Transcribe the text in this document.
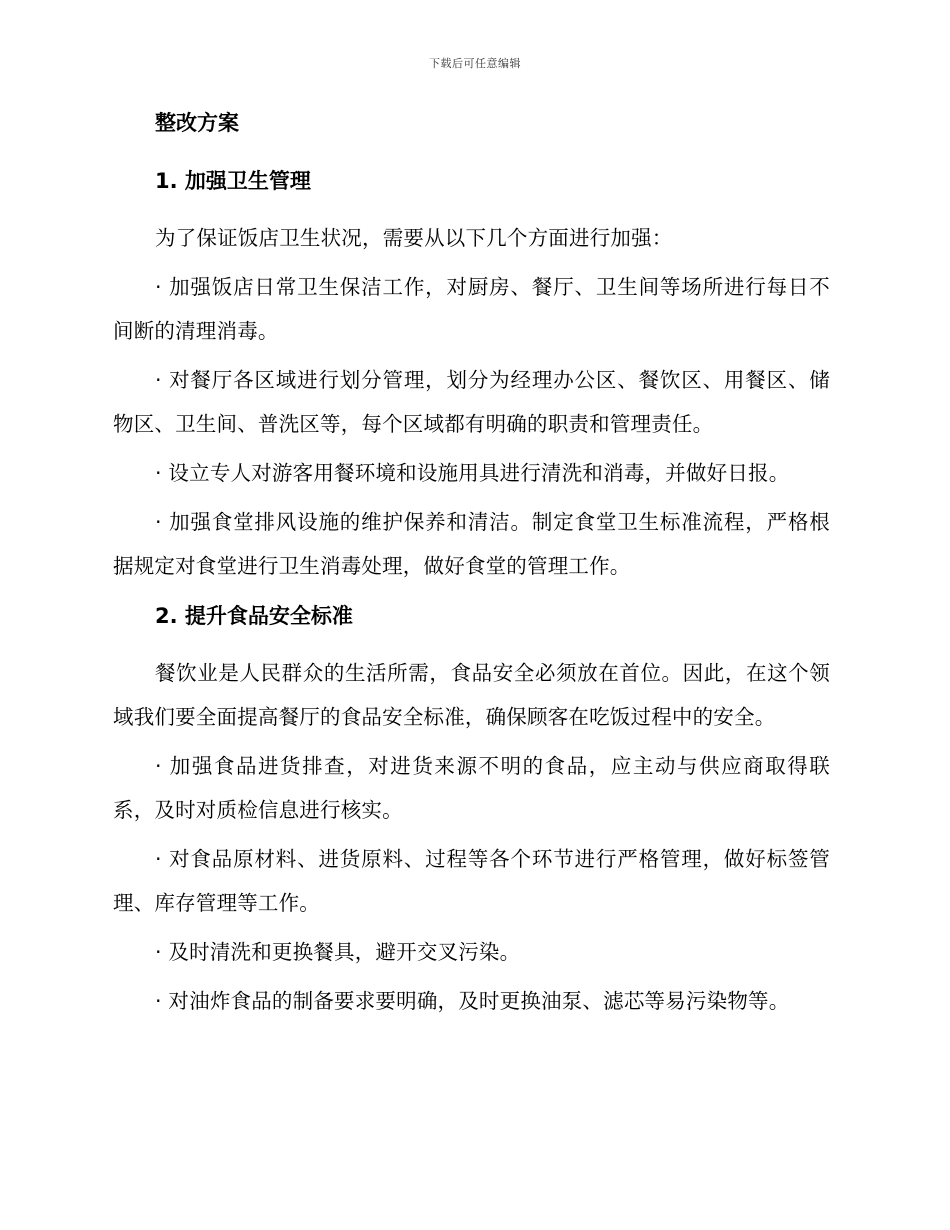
下载后可任意编辑
整改方案
1. 加强卫生管理

为了保证饭店卫生状况，需要从以下几个方面进行加强：

· 加强饭店日常卫生保洁工作，对厨房、餐厅、卫生间等场所进行每日不间断的清理消毒。

· 对餐厅各区域进行划分管理，划分为经理办公区、餐饮区、用餐区、储物区、卫生间、普洗区等，每个区域都有明确的职责和管理责任。

· 设立专人对游客用餐环境和设施用具进行清洗和消毒，并做好日报。

· 加强食堂排风设施的维护保养和清洁。制定食堂卫生标准流程，严格根据规定对食堂进行卫生消毒处理，做好食堂的管理工作。

2. 提升食品安全标准

餐饮业是人民群众的生活所需，食品安全必须放在首位。因此，在这个领域我们要全面提高餐厅的食品安全标准，确保顾客在吃饭过程中的安全。

· 加强食品进货排查，对进货来源不明的食品，应主动与供应商取得联系，及时对质检信息进行核实。

· 对食品原材料、进货原料、过程等各个环节进行严格管理，做好标签管理、库存管理等工作。

· 及时清洗和更换餐具，避开交叉污染。

· 对油炸食品的制备要求要明确，及时更换油泵、滤芯等易污染物等。
